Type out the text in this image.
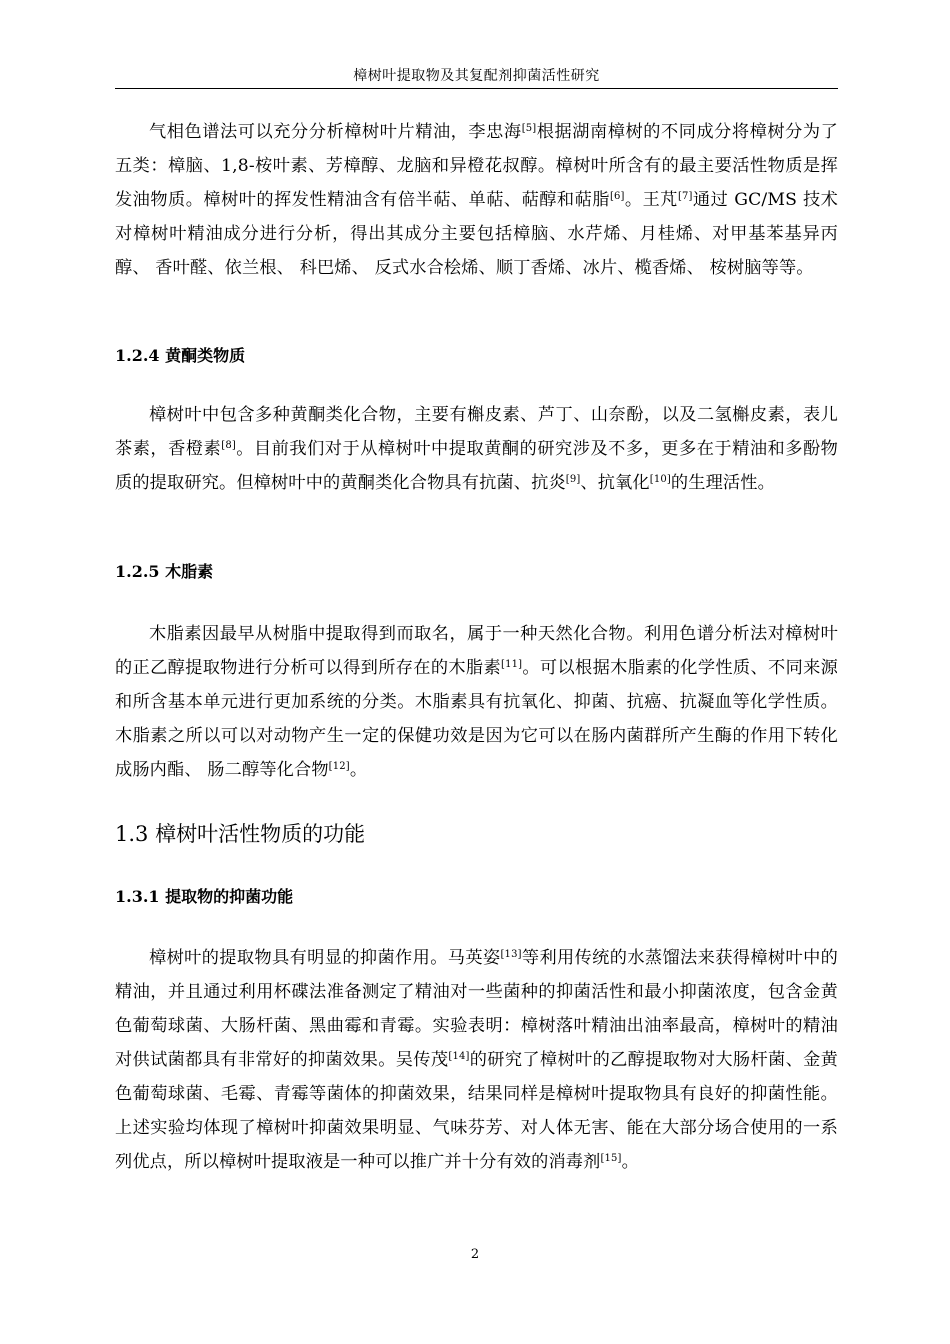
樟树叶提取物及其复配剂抑菌活性研究

气相色谱法可以充分分析樟树叶片精油，李忠海[5]根据湖南樟树的不同成分将樟树分为了五类：樟脑、1,8-桉叶素、芳樟醇、龙脑和异橙花叔醇。樟树叶所含有的最主要活性物质是挥发油物质。樟树叶的挥发性精油含有倍半萜、单萜、萜醇和萜脂[6]。王芃[7]通过 GC/MS 技术对樟树叶精油成分进行分析，得出其成分主要包括樟脑、水芹烯、月桂烯、对甲基苯基异丙醇、 香叶醛、依兰根、 科巴烯、 反式水合桧烯、顺丁香烯、冰片、榄香烯、 桉树脑等等。

1.2.4 黄酮类物质

樟树叶中包含多种黄酮类化合物，主要有槲皮素、芦丁、山奈酚，以及二氢槲皮素，表儿茶素，香橙素[8]。目前我们对于从樟树叶中提取黄酮的研究涉及不多，更多在于精油和多酚物质的提取研究。但樟树叶中的黄酮类化合物具有抗菌、抗炎[9]、抗氧化[10]的生理活性。

1.2.5 木脂素

木脂素因最早从树脂中提取得到而取名，属于一种天然化合物。利用色谱分析法对樟树叶的正乙醇提取物进行分析可以得到所存在的木脂素[11]。可以根据木脂素的化学性质、不同来源和所含基本单元进行更加系统的分类。木脂素具有抗氧化、抑菌、抗癌、抗凝血等化学性质。木脂素之所以可以对动物产生一定的保健功效是因为它可以在肠内菌群所产生酶的作用下转化成肠内酯、 肠二醇等化合物[12]。

1.3 樟树叶活性物质的功能
1.3.1 提取物的抑菌功能

樟树叶的提取物具有明显的抑菌作用。马英姿[13]等利用传统的水蒸馏法来获得樟树叶中的精油，并且通过利用杯碟法准备测定了精油对一些菌种的抑菌活性和最小抑菌浓度，包含金黄色葡萄球菌、大肠杆菌、黑曲霉和青霉。实验表明：樟树落叶精油出油率最高，樟树叶的精油对供试菌都具有非常好的抑菌效果。吴传茂[14]的研究了樟树叶的乙醇提取物对大肠杆菌、金黄色葡萄球菌、毛霉、青霉等菌体的抑菌效果，结果同样是樟树叶提取物具有良好的抑菌性能。上述实验均体现了樟树叶抑菌效果明显、气味芬芳、对人体无害、能在大部分场合使用的一系列优点，所以樟树叶提取液是一种可以推广并十分有效的消毒剂[15]。

2
